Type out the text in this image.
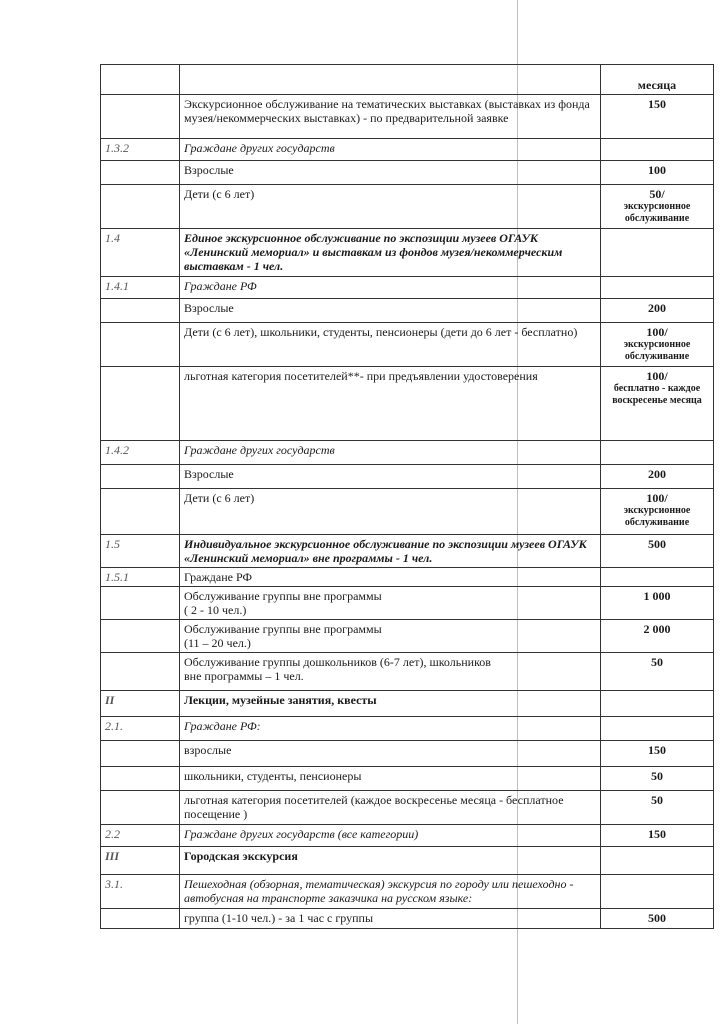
		месяца
	Экскурсионное обслуживание на тематических выставках (выставках из фонда музея/некоммерческих выставках) - по предварительной заявке	150
1.3.2	Граждане других государств	
	Взрослые	100
	Дети (с 6 лет)	50/
экскурсионное обслуживание

1.4	Единое экскурсионное обслуживание по экспозиции музеев ОГАУК «Ленинский мемориал» и выставкам из фондов музея/некоммерческим выставкам - 1 чел.	
1.4.1	Граждане РФ	
	Взрослые	200
	Дети (с 6 лет), школьники, студенты, пенсионеры (дети до 6 лет - бесплатно)	100/
экскурсионное обслуживание

	льготная категория посетителей**- при предъявлении удостоверения	100/
бесплатно - каждое воскресенье месяца

1.4.2	Граждане других государств	
	Взрослые	200
	Дети (с 6 лет)	100/
экскурсионное обслуживание

1.5	Индивидуальное экскурсионное обслуживание по экспозиции музеев ОГАУК «Ленинский мемориал» вне программы - 1 чел.	500
1.5.1	Граждане РФ	
	Обслуживание группы вне программы
( 2 - 10 чел.)	1 000
	Обслуживание группы вне программы
(11 – 20 чел.)	2 000
	Обслуживание группы дошкольников (6-7 лет), школьников
вне программы – 1 чел.	50
II	Лекции, музейные занятия, квесты	
2.1.	Граждане РФ:	
	взрослые	150
	школьники, студенты, пенсионеры	50
	льготная категория посетителей (каждое воскресенье месяца - бесплатное посещение )	50
2.2	Граждане других государств (все категории)	150
III	Городская экскурсия	
3.1.	Пешеходная (обзорная, тематическая) экскурсия по городу или пешеходно - автобусная на транспорте заказчика на русском языке:	
	группа (1-10 чел.) - за 1 час с группы	500
